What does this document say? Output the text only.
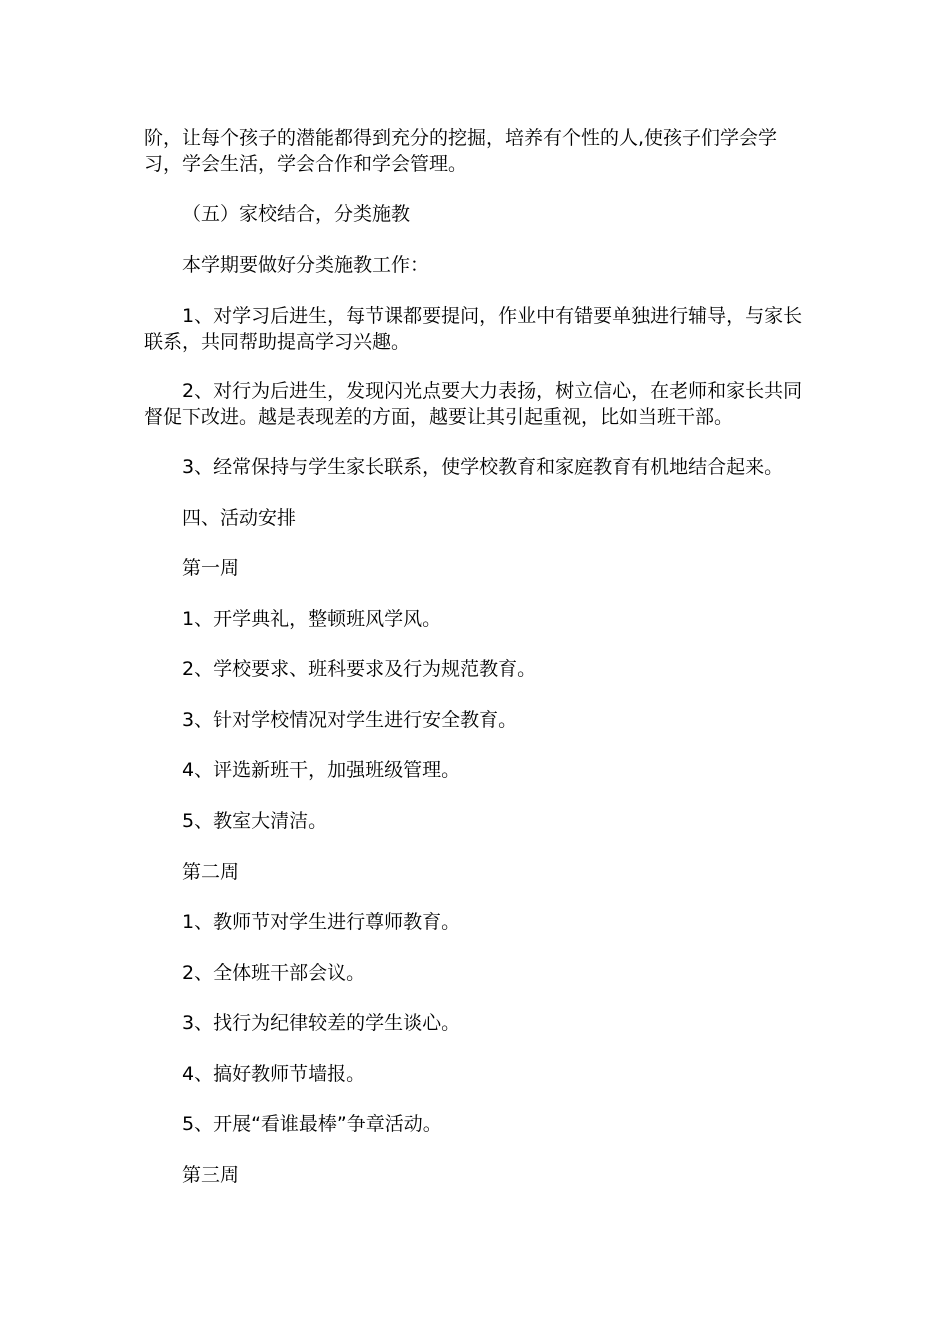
阶，让每个孩子的潜能都得到充分的挖掘，培养有个性的人,使孩子们学会学
习，学会生活，学会合作和学会管理。
（五）家校结合，分类施教
本学期要做好分类施教工作：
1、对学习后进生，每节课都要提问，作业中有错要单独进行辅导，与家长
联系，共同帮助提高学习兴趣。
2、对行为后进生，发现闪光点要大力表扬，树立信心，在老师和家长共同
督促下改进。越是表现差的方面，越要让其引起重视，比如当班干部。
3、经常保持与学生家长联系，使学校教育和家庭教育有机地结合起来。
四、活动安排
第一周
1、开学典礼，整顿班风学风。
2、学校要求、班科要求及行为规范教育。
3、针对学校情况对学生进行安全教育。
4、评选新班干，加强班级管理。
5、教室大清洁。
第二周
1、教师节对学生进行尊师教育。
2、全体班干部会议。
3、找行为纪律较差的学生谈心。
4、搞好教师节墙报。
5、开展“看谁最棒”争章活动。
第三周
